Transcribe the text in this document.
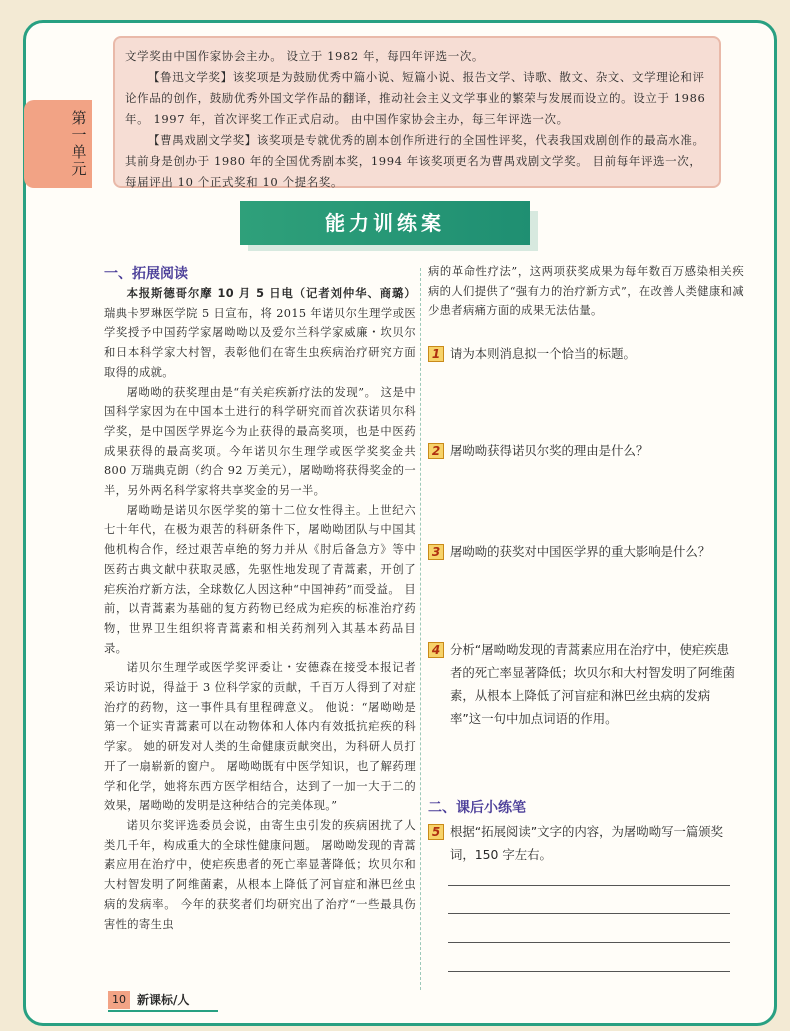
第一单元

文学奖由中国作家协会主办。 设立于 1982 年，每四年评选一次。

【鲁迅文学奖】该奖项是为鼓励优秀中篇小说、短篇小说、报告文学、诗歌、散文、杂文、文学理论和评论作品的创作，鼓励优秀外国文学作品的翻译，推动社会主义文学事业的繁荣与发展而设立的。设立于 1986 年。 1997 年，首次评奖工作正式启动。 由中国作家协会主办，每三年评选一次。

【曹禺戏剧文学奖】该奖项是专就优秀的剧本创作所进行的全国性评奖，代表我国戏剧创作的最高水准。 其前身是创办于 1980 年的全国优秀剧本奖，1994 年该奖项更名为曹禺戏剧文学奖。 目前每年评选一次，每届评出 10 个正式奖和 10 个提名奖。

能力训练案
一、拓展阅读

本报斯德哥尔摩 10 月 5 日电（记者刘仲华、商璐） 瑞典卡罗琳医学院 5 日宣布，将 2015 年诺贝尔生理学或医学奖授予中国药学家屠呦呦以及爱尔兰科学家威廉・坎贝尔和日本科学家大村智，表彰他们在寄生虫疾病治疗研究方面取得的成就。

屠呦呦的获奖理由是“有关疟疾新疗法的发现”。 这是中国科学家因为在中国本土进行的科学研究而首次获诺贝尔科学奖，是中国医学界迄今为止获得的最高奖项，也是中医药成果获得的最高奖项。今年诺贝尔生理学或医学奖奖金共 800 万瑞典克朗（约合 92 万美元），屠呦呦将获得奖金的一半，另外两名科学家将共享奖金的另一半。

屠呦呦是诺贝尔医学奖的第十二位女性得主。上世纪六七十年代，在极为艰苦的科研条件下，屠呦呦团队与中国其他机构合作，经过艰苦卓绝的努力并从《肘后备急方》等中医药古典文献中获取灵感，先驱性地发现了青蒿素，开创了疟疾治疗新方法，全球数亿人因这种“中国神药”而受益。 目前，以青蒿素为基础的复方药物已经成为疟疾的标准治疗药物，世界卫生组织将青蒿素和相关药剂列入其基本药品目录。

诺贝尔生理学或医学奖评委让・安德森在接受本报记者采访时说，得益于 3 位科学家的贡献，千百万人得到了对症治疗的药物，这一事件具有里程碑意义。 他说：“屠呦呦是第一个证实青蒿素可以在动物体和人体内有效抵抗疟疾的科学家。 她的研发对人类的生命健康贡献突出，为科研人员打开了一扇崭新的窗户。 屠呦呦既有中医学知识，也了解药理学和化学，她将东西方医学相结合，达到了一加一大于二的效果，屠呦呦的发明是这种结合的完美体现。”

诺贝尔奖评选委员会说，由寄生虫引发的疾病困扰了人类几千年，构成重大的全球性健康问题。 屠呦呦发现的青蒿素应用在治疗中，使疟疾患者的死亡率显著降低；坎贝尔和大村智发明了阿维菌素，从根本上降低了河盲症和淋巴丝虫病的发病率。 今年的获奖者们均研究出了治疗“一些最具伤害性的寄生虫

病的革命性疗法”，这两项获奖成果为每年数百万感染相关疾病的人们提供了“强有力的治疗新方式”，在改善人类健康和减少患者病痛方面的成果无法估量。

1 请为本则消息拟一个恰当的标题。

2 屠呦呦获得诺贝尔奖的理由是什么？

3 屠呦呦的获奖对中国医学界的重大影响是什么？

4 分析“屠呦呦发现的青蒿素应用在治疗中，使疟疾患者的死亡率显著降低；坎贝尔和大村智发明了阿维菌素，从根本上降低了河盲症和淋巴丝虫病的发病率”这一句中加点词语的作用。

二、课后小练笔

5 根据“拓展阅读”文字的内容，为屠呦呦写一篇颁奖词，150 字左右。

10 新课标/人
